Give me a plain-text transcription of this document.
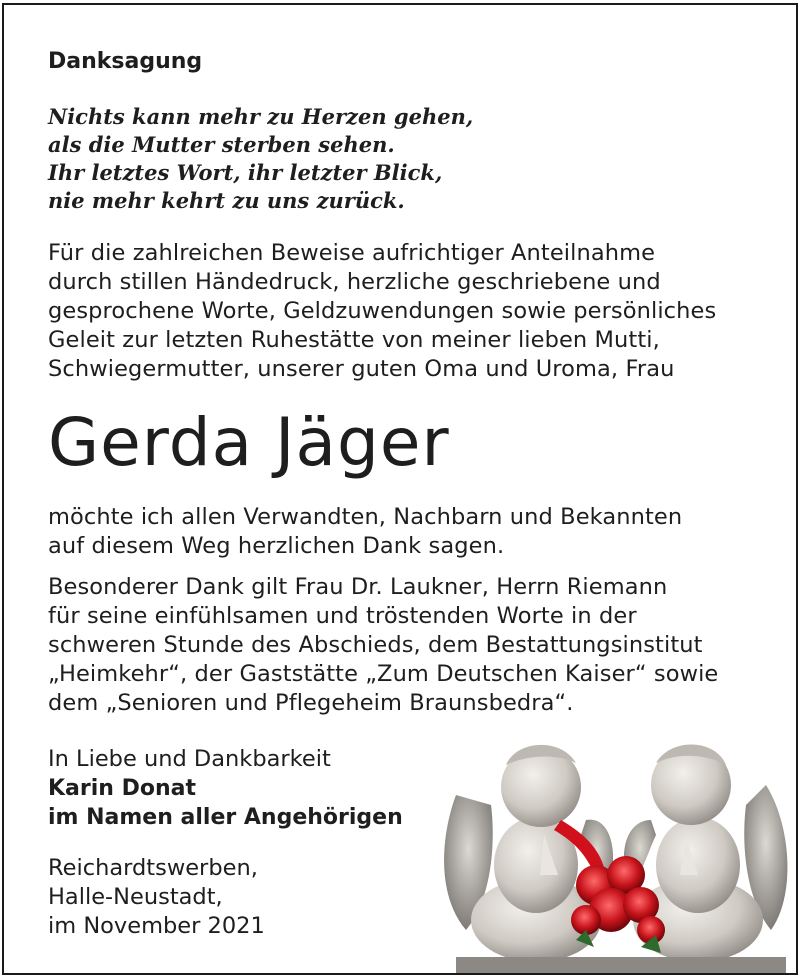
Danksagung
Nichts kann mehr zu Herzen gehen,
als die Mutter sterben sehen.
Ihr letztes Wort, ihr letzter Blick,
nie mehr kehrt zu uns zurück.

Für die zahlreichen Beweise aufrichtiger Anteilnahme
durch stillen Händedruck, herzliche geschriebene und
gesprochene Worte, Geldzuwendungen sowie persönliches
Geleit zur letzten Ruhestätte von meiner lieben Mutti,
Schwiegermutter, unserer guten Oma und Uroma, Frau

Gerda Jäger

möchte ich allen Verwandten, Nachbarn und Bekannten
auf diesem Weg herzlichen Dank sagen.

Besonderer Dank gilt Frau Dr. Laukner, Herrn Riemann
für seine einfühlsamen und tröstenden Worte in der
schweren Stunde des Abschieds, dem Bestattungsinstitut
„Heimkehr“, der Gaststätte „Zum Deutschen Kaiser“ sowie
dem „Senioren und Pflegeheim Braunsbedra“.

In Liebe und Dankbarkeit

Karin Donat
im Namen aller Angehörigen

Reichardtswerben,
Halle-Neustadt,
im November 2021
